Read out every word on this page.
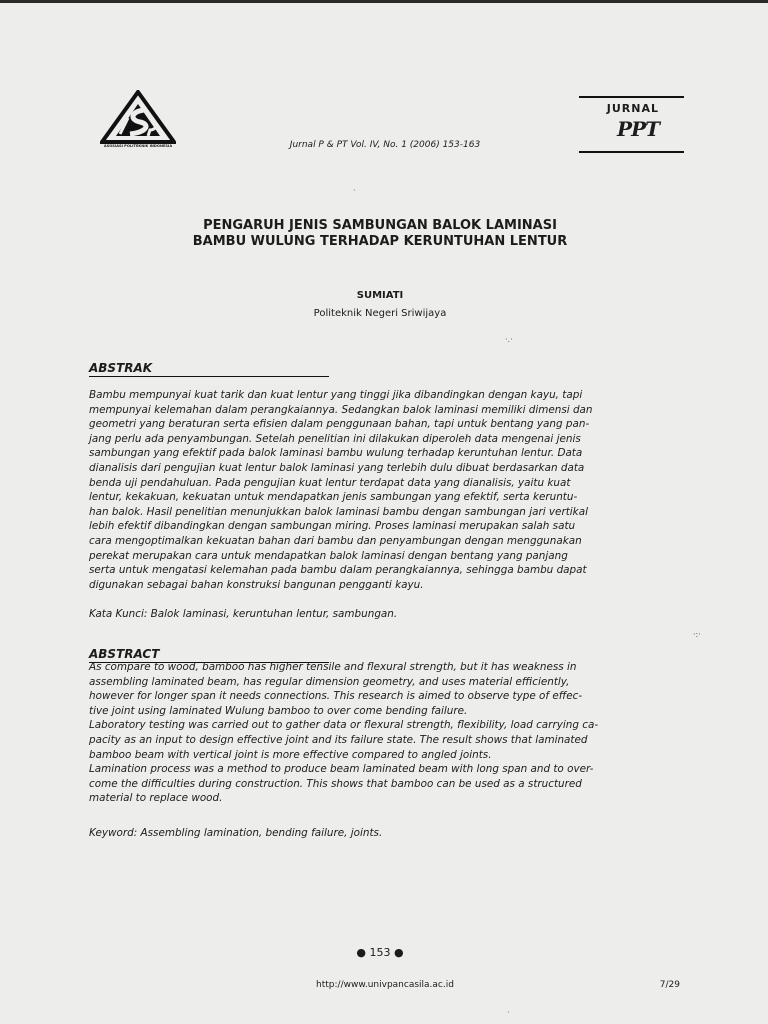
ASOSIASI POLITEKNIK INDONESIA	Jurnal P & PT Vol. IV, No. 1 (2006) 153-163
JURNAL
PPT
PENGARUH JENIS SAMBUNGAN BALOK LAMINASI
BAMBU WULUNG TERHADAP KERUNTUHAN LENTUR
SUMIATI
Politeknik Negeri Sriwijaya
ABSTRAK

Bambu mempunyai kuat tarik dan kuat lentur yang tinggi jika dibandingkan dengan kayu, tapi

mempunyai kelemahan dalam perangkaiannya. Sedangkan balok laminasi memiliki dimensi dan

geometri yang beraturan serta efisien dalam penggunaan bahan, tapi untuk bentang yang pan-

jang perlu ada penyambungan. Setelah penelitian ini dilakukan diperoleh data mengenai jenis

sambungan yang efektif pada balok laminasi bambu wulung terhadap keruntuhan lentur. Data

dianalisis dari pengujian kuat lentur balok laminasi yang terlebih dulu dibuat berdasarkan data

benda uji pendahuluan. Pada pengujian kuat lentur terdapat data yang dianalisis, yaitu kuat

lentur, kekakuan, kekuatan untuk mendapatkan jenis sambungan yang efektif, serta keruntu-

han balok. Hasil penelitian menunjukkan balok laminasi bambu dengan sambungan jari vertikal

lebih efektif dibandingkan dengan sambungan miring. Proses laminasi merupakan salah satu

cara mengoptimalkan kekuatan bahan dari bambu dan penyambungan dengan menggunakan

perekat merupakan cara untuk mendapatkan balok laminasi dengan bentang yang panjang

serta untuk mengatasi kelemahan pada bambu dalam perangkaiannya, sehingga bambu dapat

digunakan sebagai bahan konstruksi bangunan pengganti kayu.

Kata Kunci: Balok laminasi, keruntuhan lentur, sambungan.
ABSTRACT

As compare to wood, bamboo has higher tensile and flexural strength, but it has weakness in

assembling laminated beam, has regular dimension geometry, and uses material efficiently,

however for longer span it needs connections. This research is aimed to observe type of effec-

tive joint using laminated Wulung bamboo to over come bending failure.

Laboratory testing was carried out to gather data or flexural strength, flexibility, load carrying ca-

pacity as an input to design effective joint and its failure state. The result shows that laminated

bamboo beam with vertical joint is more effective compared to angled joints.

Lamination process was a method to produce beam laminated beam with long span and to over-

come the difficulties during construction. This shows that bamboo can be used as a structured

material to replace wood.

Keyword: Assembling lamination, bending failure, joints.
● 153 ●
http://www.univpancasila.ac.id	7/29
·:·
·.·
·
·
